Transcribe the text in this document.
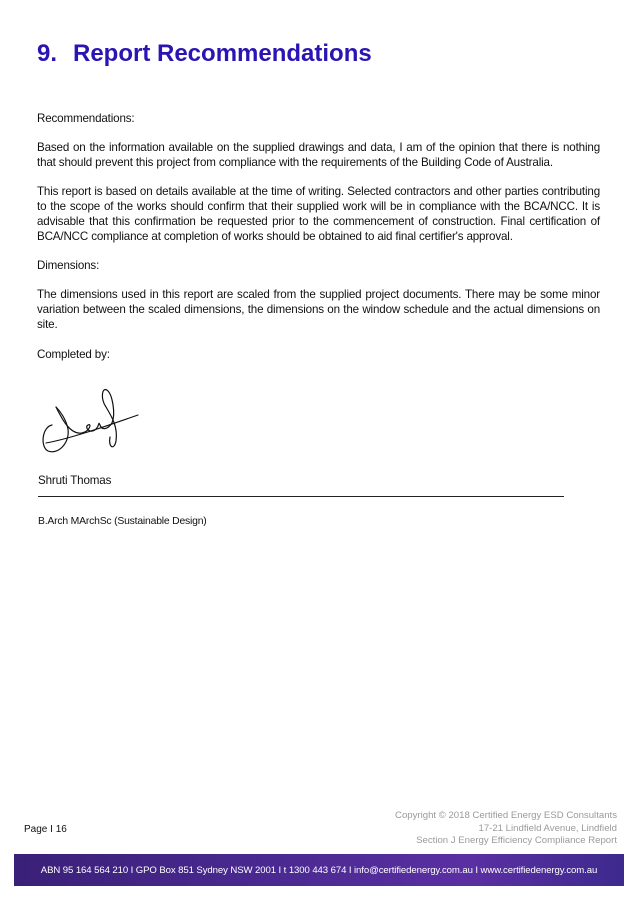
9. Report Recommendations

Recommendations:

Based on the information available on the supplied drawings and data, I am of the opinion that there is nothing that should prevent this project from compliance with the requirements of the Building Code of Australia.

This report is based on details available at the time of writing. Selected contractors and other parties contributing to the scope of the works should confirm that their supplied work will be in compliance with the BCA/NCC. It is advisable that this confirmation be requested prior to the commencement of construction. Final certification of BCA/NCC compliance at completion of works should be obtained to aid final certifier's approval.

Dimensions:

The dimensions used in this report are scaled from the supplied project documents. There may be some minor variation between the scaled dimensions, the dimensions on the window schedule and the actual dimensions on site.

Completed by:
Shruti Thomas
B.Arch MArchSc (Sustainable Design)
Page I 16
Copyright © 2018 Certified Energy ESD Consultants
17-21 Lindfield Avenue, Lindfield
Section J Energy Efficiency Compliance Report
ABN 95 164 564 210 I GPO Box 851 Sydney NSW 2001 I t 1300 443 674 I info@certifiedenergy.com.au I www.certifiedenergy.com.au
